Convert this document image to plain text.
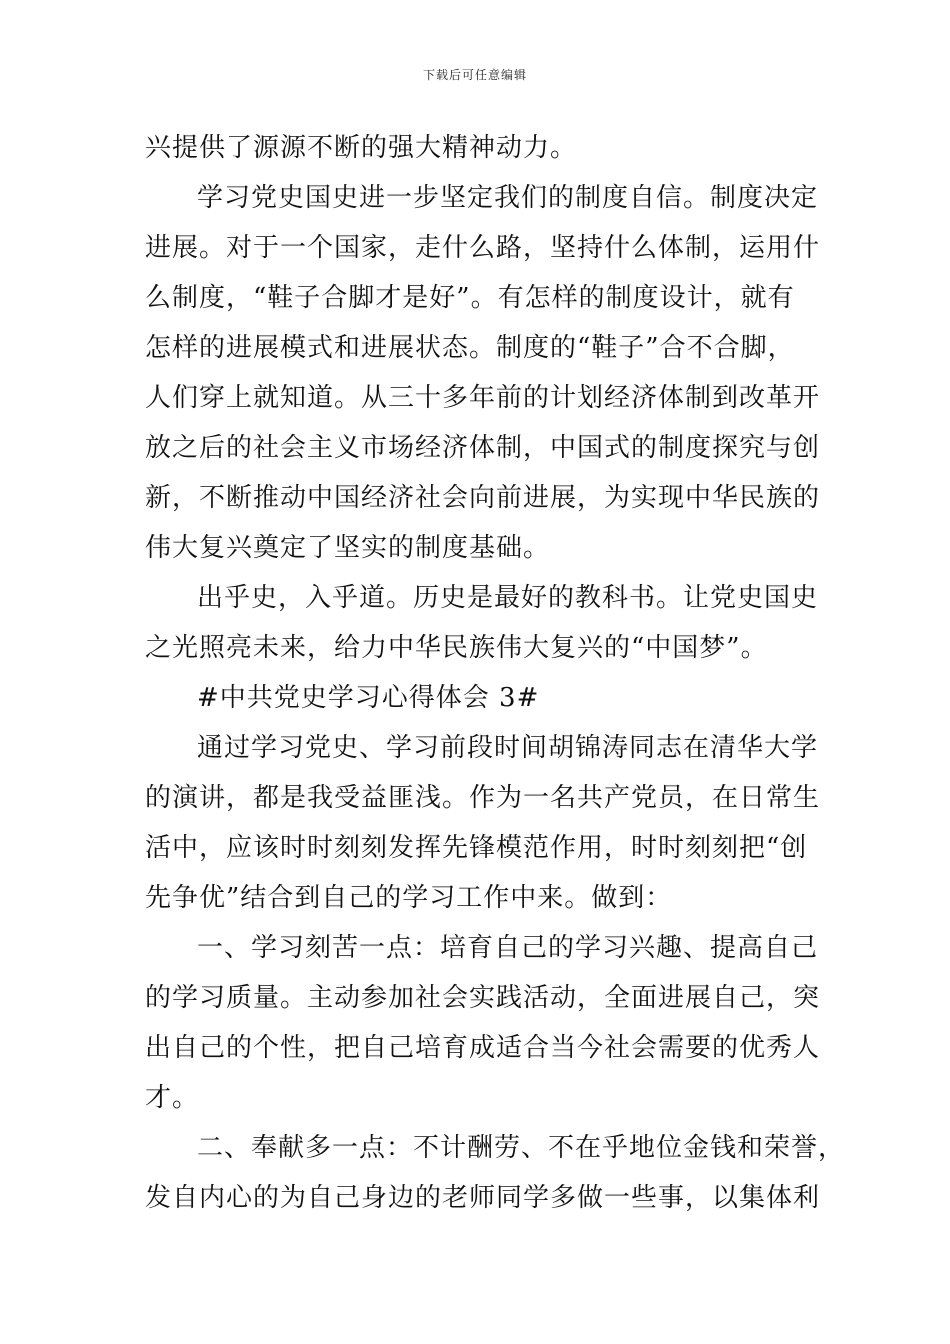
下载后可任意编辑
兴提供了源源不断的强大精神动力。
学习党史国史进一步坚定我们的制度自信。制度决定
进展。对于一个国家，走什么路，坚持什么体制，运用什
么制度，“鞋子合脚才是好”。有怎样的制度设计，就有
怎样的进展模式和进展状态。制度的“鞋子”合不合脚，
人们穿上就知道。从三十多年前的计划经济体制到改革开
放之后的社会主义市场经济体制，中国式的制度探究与创
新，不断推动中国经济社会向前进展，为实现中华民族的
伟大复兴奠定了坚实的制度基础。
出乎史，入乎道。历史是最好的教科书。让党史国史
之光照亮未来，给力中华民族伟大复兴的“中国梦”。
#中共党史学习心得体会 3#
通过学习党史、学习前段时间胡锦涛同志在清华大学
的演讲，都是我受益匪浅。作为一名共产党员，在日常生
活中，应该时时刻刻发挥先锋模范作用，时时刻刻把“创
先争优”结合到自己的学习工作中来。做到：
一、学习刻苦一点：培育自己的学习兴趣、提高自己
的学习质量。主动参加社会实践活动，全面进展自己，突
出自己的个性，把自己培育成适合当今社会需要的优秀人
才。
二、奉献多一点：不计酬劳、不在乎地位金钱和荣誉，
发自内心的为自己身边的老师同学多做一些事，以集体利
